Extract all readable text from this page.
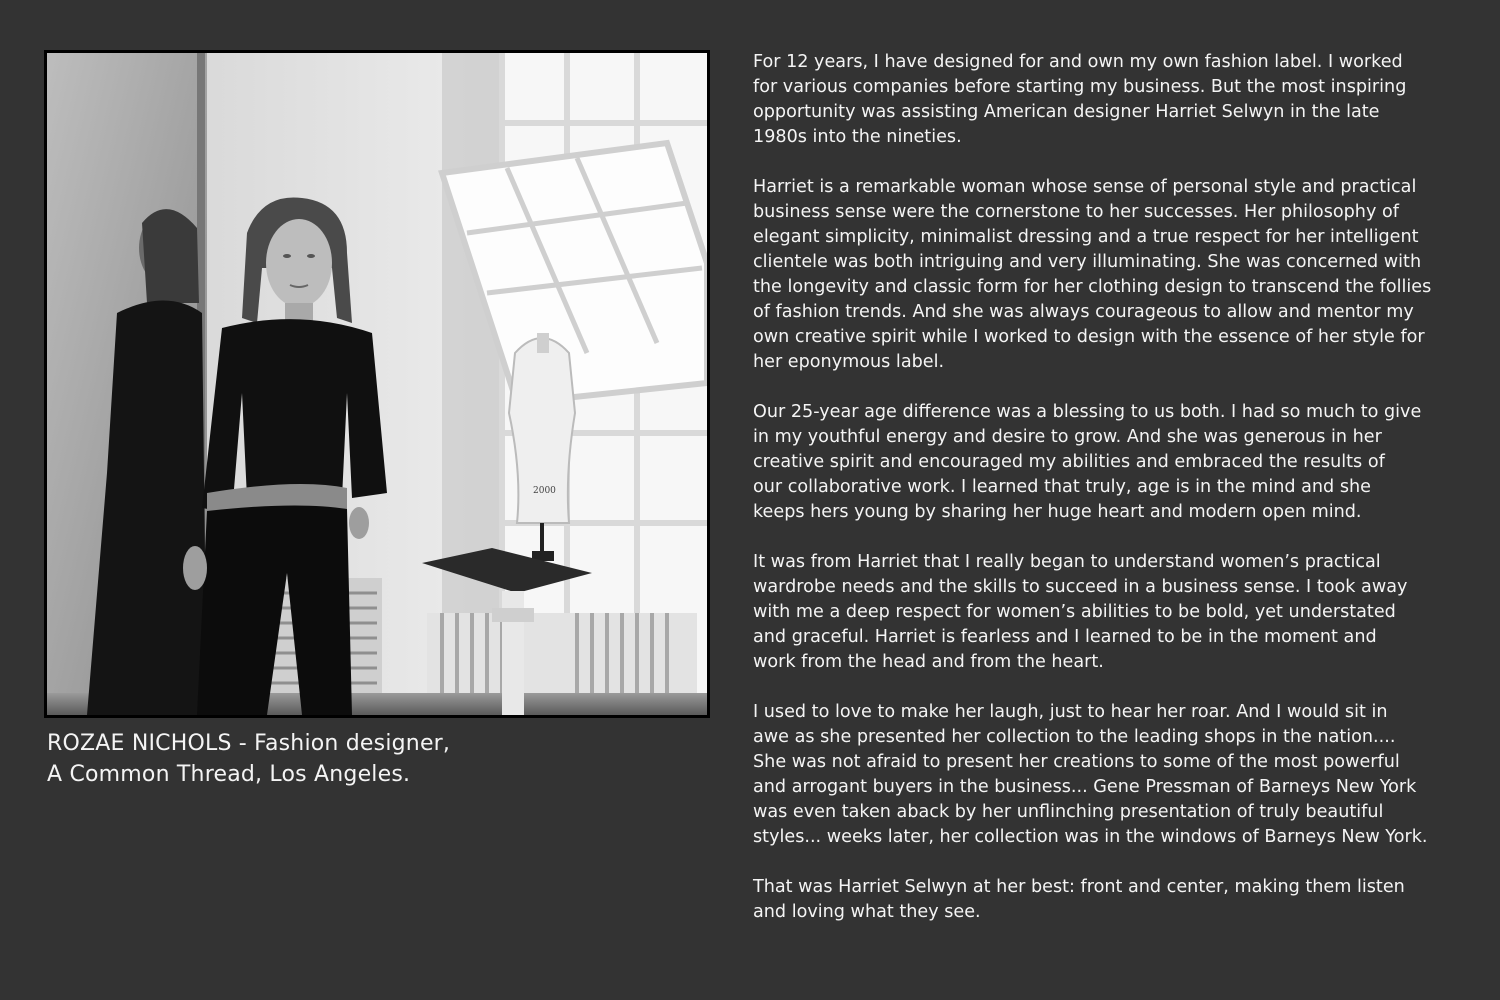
2000
ROZAE NICHOLS - Fashion designer,
A Common Thread, Los Angeles.

For 12 years, I have designed for and own my own fashion label. I worked
for various companies before starting my business. But the most inspiring
opportunity was assisting American designer Harriet Selwyn in the late
1980s into the nineties.

Harriet is a remarkable woman whose sense of personal style and practical
business sense were the cornerstone to her successes. Her philosophy of
elegant simplicity, minimalist dressing and a true respect for her intelligent
clientele was both intriguing and very illuminating. She was concerned with
the longevity and classic form for her clothing design to transcend the follies
of fashion trends. And she was always courageous to allow and mentor my
own creative spirit while I worked to design with the essence of her style for
her eponymous label.

Our 25-year age difference was a blessing to us both. I had so much to give
in my youthful energy and desire to grow. And she was generous in her
creative spirit and encouraged my abilities and embraced the results of
our collaborative work. I learned that truly, age is in the mind and she
keeps hers young by sharing her huge heart and modern open mind.

It was from Harriet that I really began to understand women’s practical
wardrobe needs and the skills to succeed in a business sense. I took away
with me a deep respect for women’s abilities to be bold, yet understated
and graceful. Harriet is fearless and I learned to be in the moment and
work from the head and from the heart.

I used to love to make her laugh, just to hear her roar. And I would sit in
awe as she presented her collection to the leading shops in the nation....
She was not afraid to present her creations to some of the most powerful
and arrogant buyers in the business... Gene Pressman of Barneys New York
was even taken aback by her unflinching presentation of truly beautiful
styles... weeks later, her collection was in the windows of Barneys New York.

That was Harriet Selwyn at her best: front and center, making them listen
and loving what they see.
